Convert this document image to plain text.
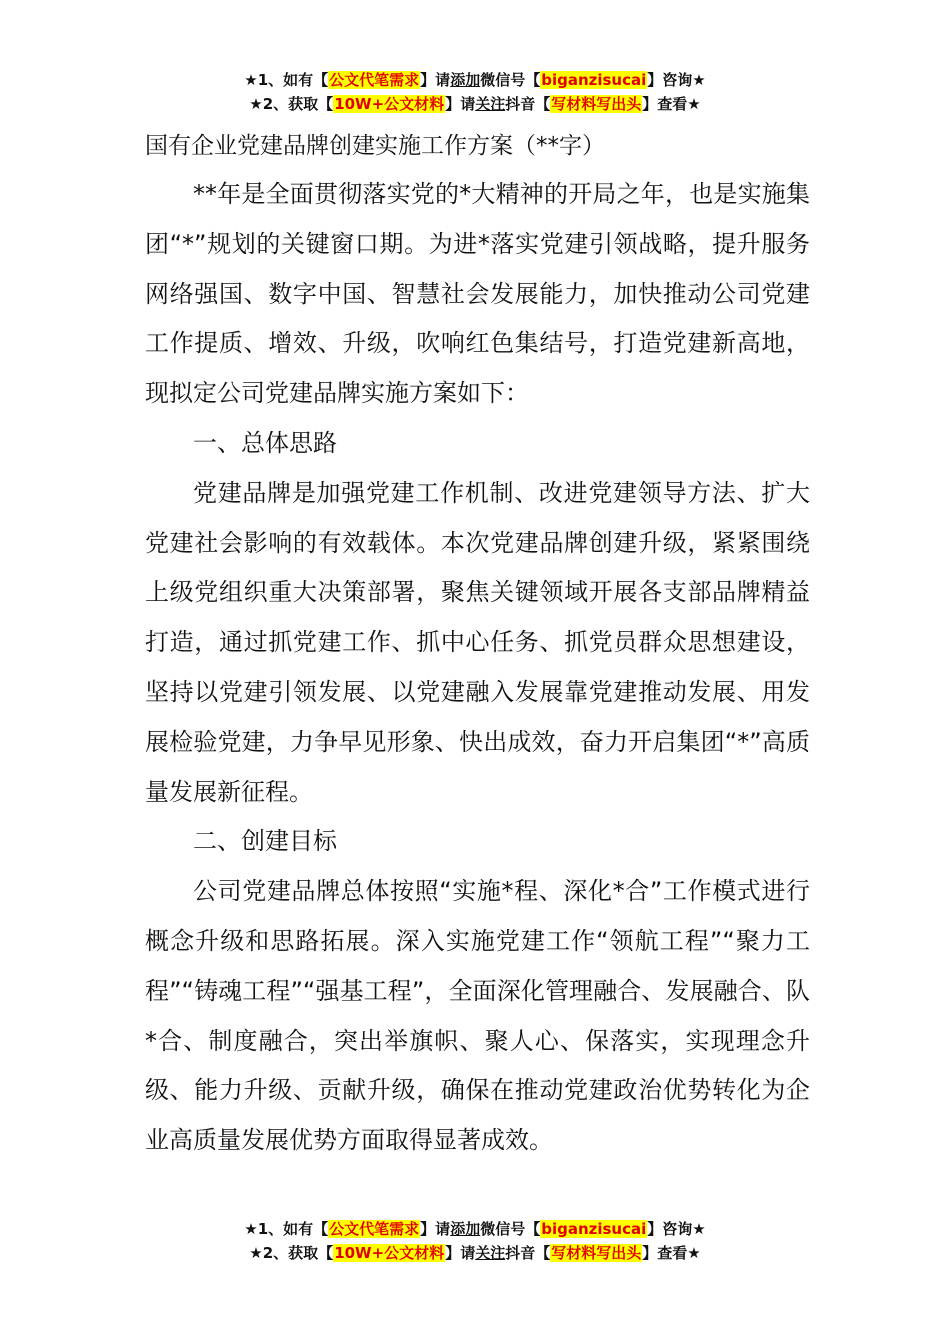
★1、如有【公文代笔需求】请添加微信号【biganzisucai】咨询★
★2、获取【10W+公文材料】请关注抖音【写材料写出头】查看★
国有企业党建品牌创建实施工作方案（**字）

**年是全面贯彻落实党的*大精神的开局之年，也是实施集团“*”规划的关键窗口期。为进*落实党建引领战略，提升服务网络强国、数字中国、智慧社会发展能力，加快推动公司党建工作提质、增效、升级，吹响红色集结号，打造党建新高地，现拟定公司党建品牌实施方案如下：

一、总体思路

党建品牌是加强党建工作机制、改进党建领导方法、扩大党建社会影响的有效载体。本次党建品牌创建升级，紧紧围绕上级党组织重大决策部署，聚焦关键领域开展各支部品牌精益打造，通过抓党建工作、抓中心任务、抓党员群众思想建设，坚持以党建引领发展、以党建融入发展靠党建推动发展、用发展检验党建，力争早见形象、快出成效，奋力开启集团“*”高质量发展新征程。

二、创建目标

公司党建品牌总体按照“实施*程、深化*合”工作模式进行概念升级和思路拓展。深入实施党建工作“领航工程”“聚力工程”“铸魂工程”“强基工程”，全面深化管理融合、发展融合、队*合、制度融合，突出举旗帜、聚人心、保落实，实现理念升级、能力升级、贡献升级，确保在推动党建政治优势转化为企业高质量发展优势方面取得显著成效。

★1、如有【公文代笔需求】请添加微信号【biganzisucai】咨询★
★2、获取【10W+公文材料】请关注抖音【写材料写出头】查看★
